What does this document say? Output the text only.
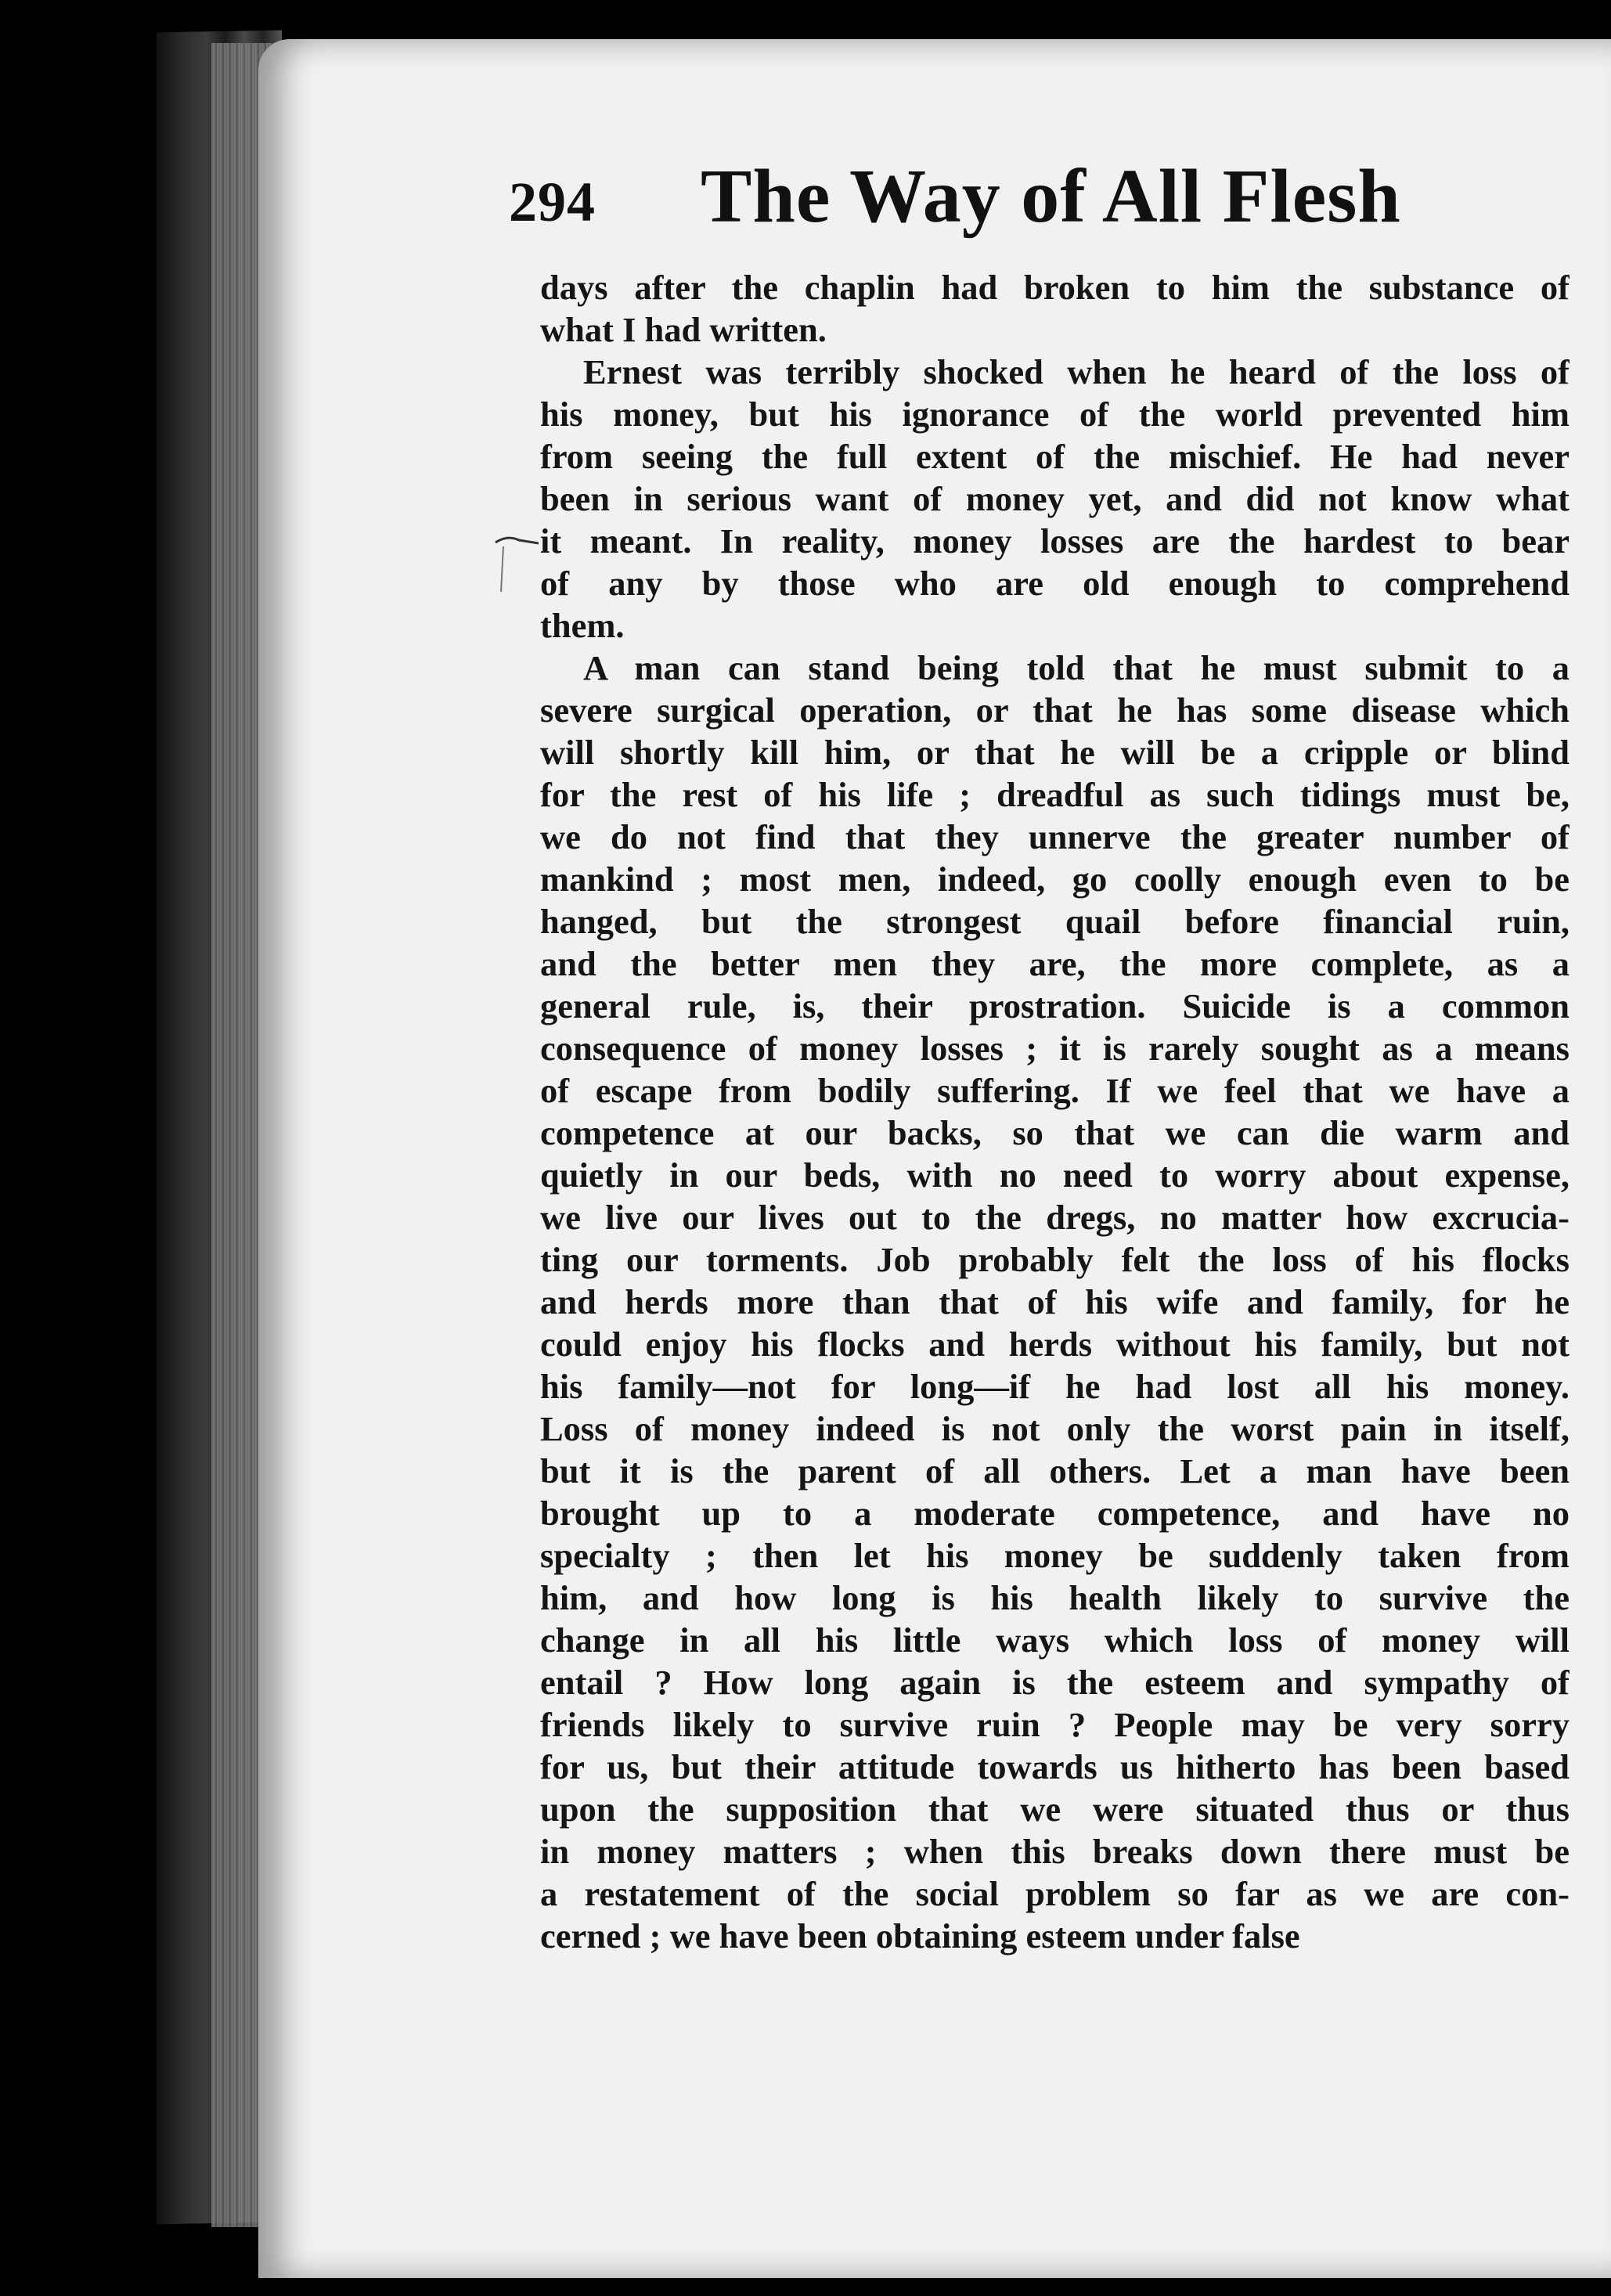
294 The Way of All Flesh

days after the chaplin had broken to him the substance of
what I had written.

Ernest was terribly shocked when he heard of the loss of
his money, but his ignorance of the world prevented him
from seeing the full extent of the mischief. He had never
been in serious want of money yet, and did not know what
it meant. In reality, money losses are the hardest to bear
of any by those who are old enough to comprehend
them.

A man can stand being told that he must submit to a
severe surgical operation, or that he has some disease which
will shortly kill him, or that he will be a cripple or blind
for the rest of his life ; dreadful as such tidings must be,
we do not find that they unnerve the greater number of
mankind ; most men, indeed, go coolly enough even to be
hanged, but the strongest quail before financial ruin,
and the better men they are, the more complete, as a
general rule, is, their prostration. Suicide is a common
consequence of money losses ; it is rarely sought as a means
of escape from bodily suffering. If we feel that we have a
competence at our backs, so that we can die warm and
quietly in our beds, with no need to worry about expense,
we live our lives out to the dregs, no matter how excrucia-
ting our torments. Job probably felt the loss of his flocks
and herds more than that of his wife and family, for he
could enjoy his flocks and herds without his family, but not
his family—not for long—if he had lost all his money.
Loss of money indeed is not only the worst pain in itself,
but it is the parent of all others. Let a man have been
brought up to a moderate competence, and have no
specialty ; then let his money be suddenly taken from
him, and how long is his health likely to survive the
change in all his little ways which loss of money will
entail ? How long again is the esteem and sympathy of
friends likely to survive ruin ? People may be very sorry
for us, but their attitude towards us hitherto has been based
upon the supposition that we were situated thus or thus
in money matters ; when this breaks down there must be
a restatement of the social problem so far as we are con-
cerned ; we have been obtaining esteem under false
